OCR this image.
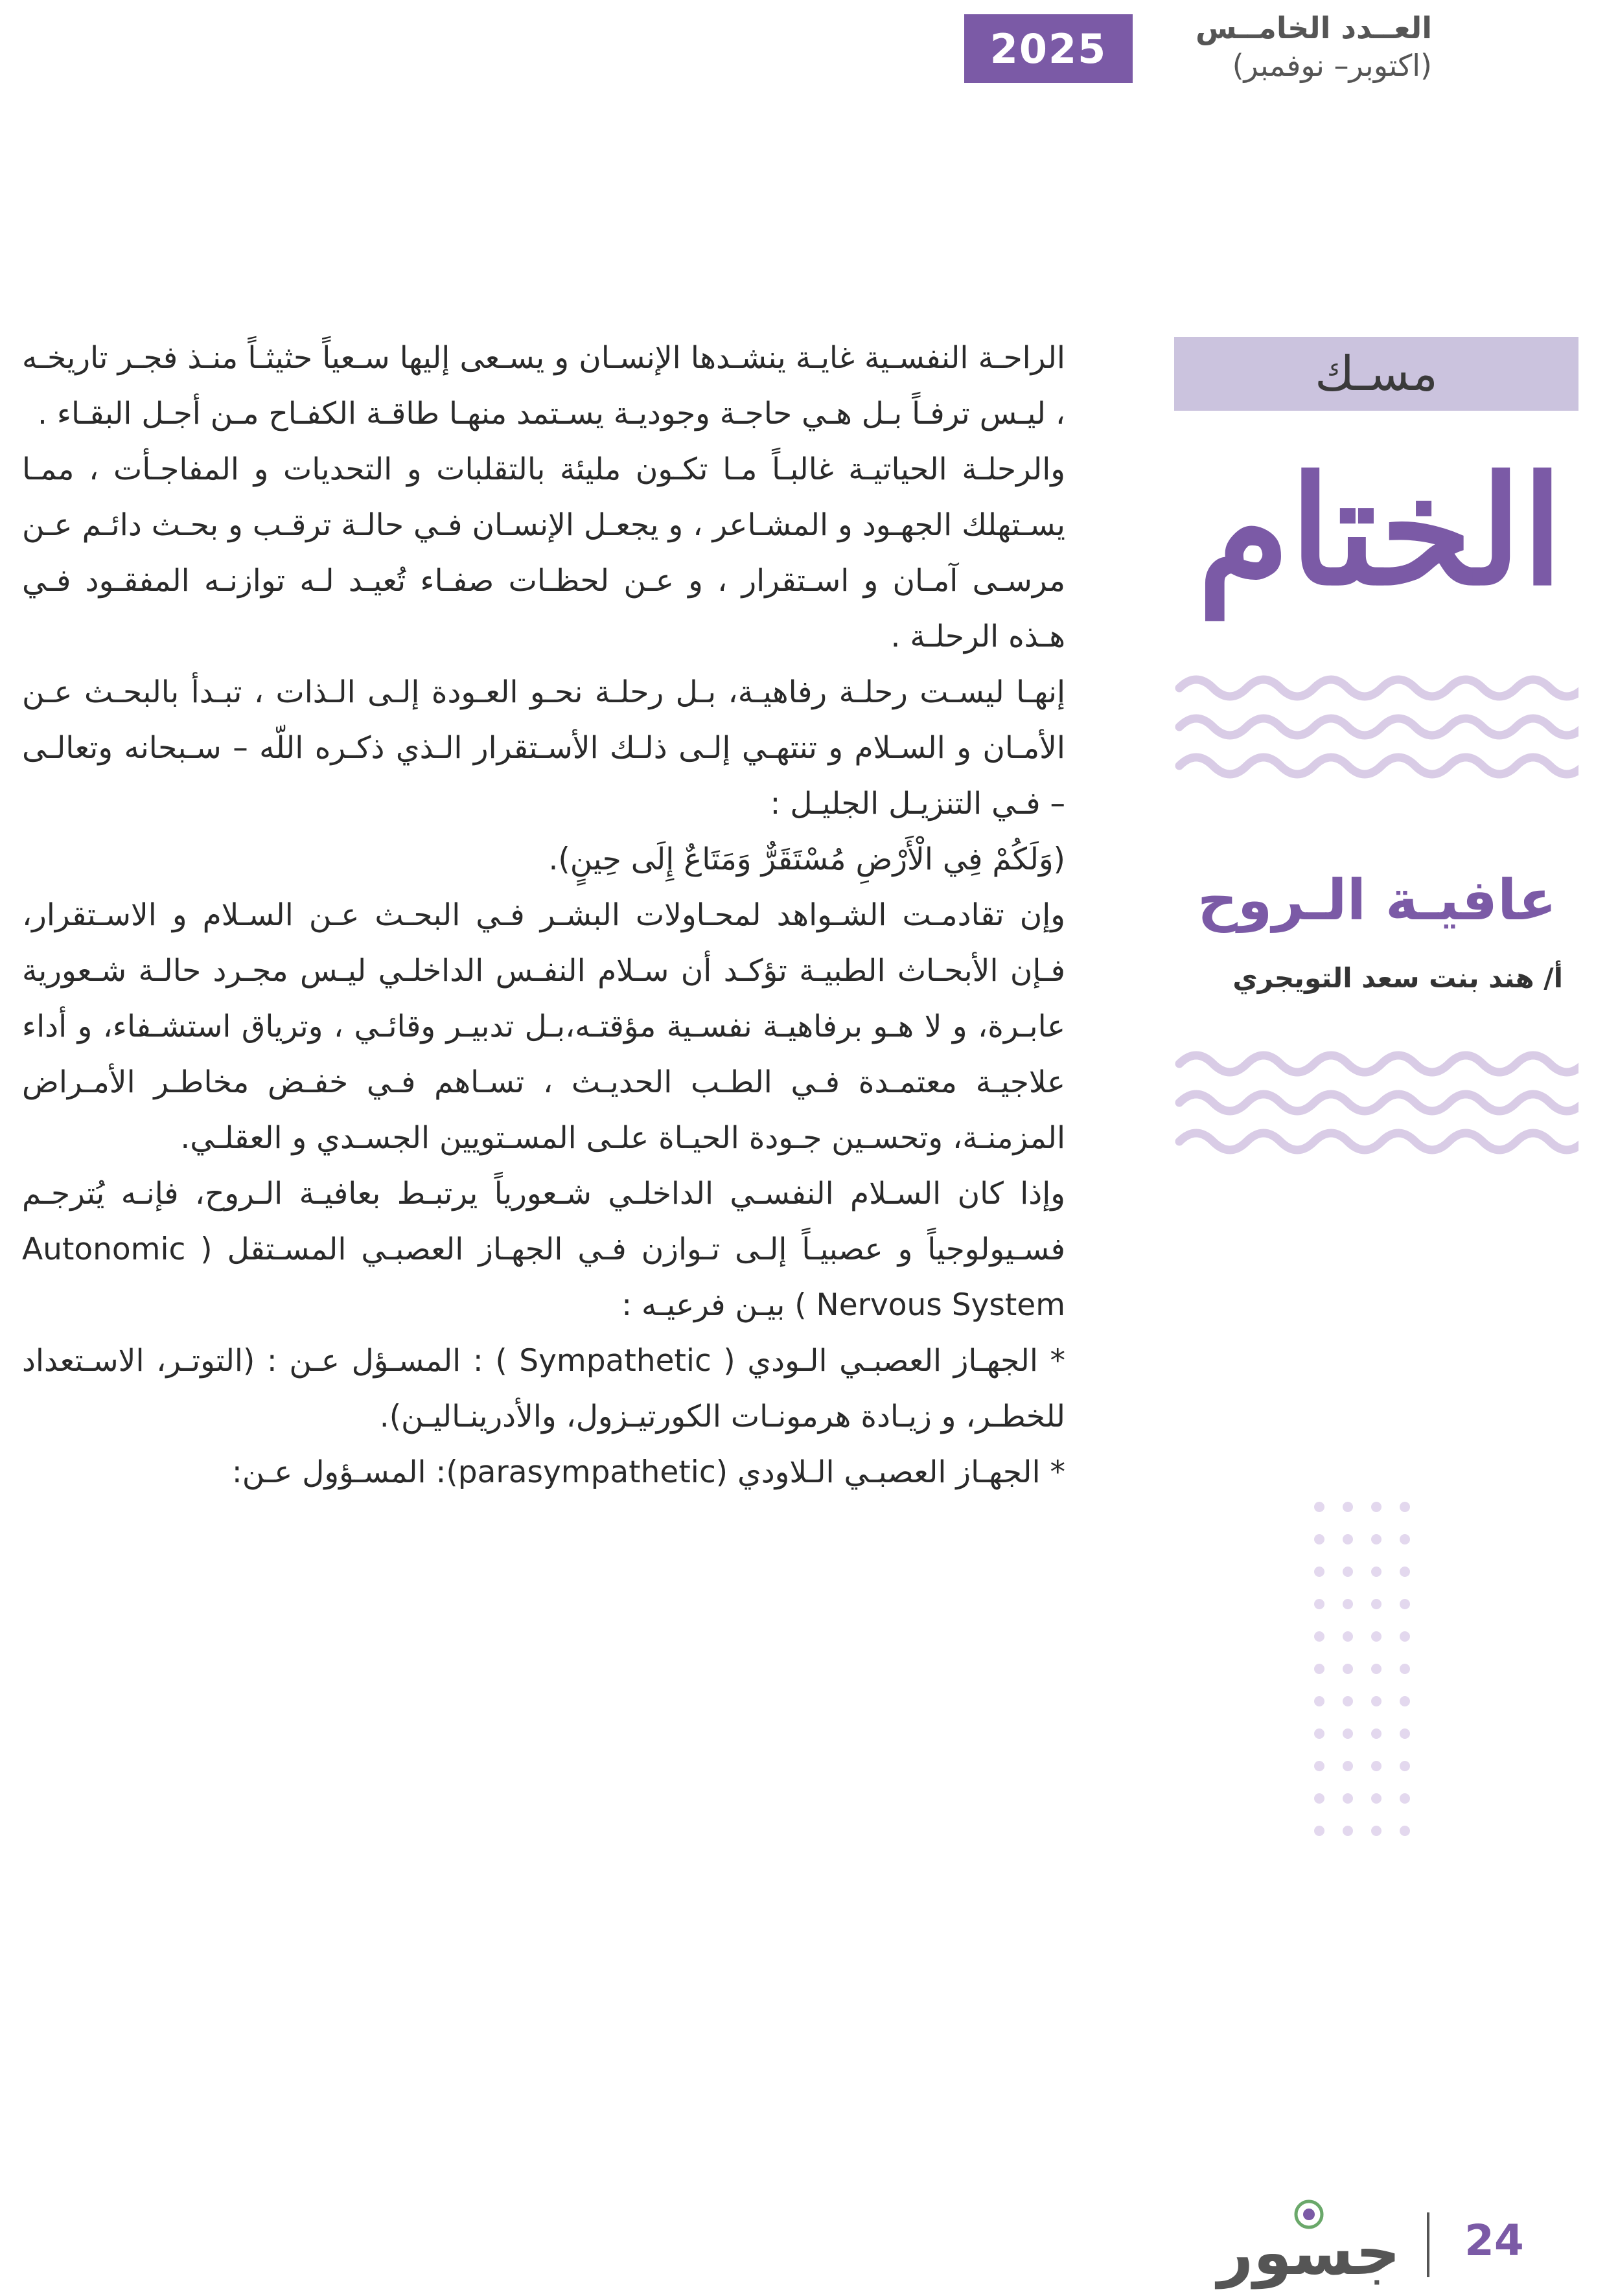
2025	العــدد الخامــس
(اكتوبر– نوفمبر)

الراحـة النفسـية غايـة ينشـدها الإنسـان و يسـعى إليها سـعياً حثيثـاً منـذ فجـر تاريخـه ، ليـس ترفـاً بـل هـي حاجـة وجوديـة يسـتمد منهـا طاقـة الكفـاح مـن أجـل البقـاء .

والرحلـة الحياتيـة غالبـاً مـا تكـون مليئة بالتقلبات و التحديات و المفاجـأت ، ممـا يسـتهلك الجهـود و المشـاعر ، و يجعـل الإنسـان فـي حالـة ترقـب و بحـث دائـم عـن مرسـى آمـان و اسـتقرار ، و عـن لحظـات صفـاء تُعيـد لـه توازنـه المفقـود فـي هـذه الرحلـة .

إنهـا ليسـت رحلـة رفاهيـة، بـل رحلـة نحـو العـودة إلـى الـذات ، تبـدأ بالبحـث عـن الأمـان و السـلام و تنتهـي إلـى ذلـك الأسـتقرار الـذي ذكـره اللّه – سـبحانه وتعالـى – فـي التنزيـل الجليـل :

(وَلَكُمْ فِي الْأَرْضِ مُسْتَقَرٌّ وَمَتَاعٌ إِلَى حِينٍ).

وإن تقادمـت الشـواهد لمحـاولات البشـر فـي البحـث عـن السـلام و الاسـتقرار، فـإن الأبحـاث الطبيـة تؤكـد أن سـلام النفـس الداخلـي ليـس مجـرد حالـة شـعورية عابـرة، و لا هـو برفاهيـة نفسـية مؤقتـه،بـل تدبيـر وقائـي ، وترياق استشـفاء، و أداء علاجيـة معتمـدة فـي الطـب الحديـث ، تسـاهم فـي خفـض مخاطـر الأمـراض المزمنـة، وتحسـين جـودة الحيـاة علـى المسـتويين الجسـدي و العقلـي.

وإذا كان السـلام النفسـي الداخلـي شـعورياً يرتبـط بعافيـة الـروح، فإنـه يُترجـم فسـيولوجياً و عصبيـاً إلـى تـوازن فـي الجهـاز العصبـي المسـتقل ( Autonomic Nervous System ) بيـن فرعيـه :

* الجهـاز العصبـي الـودي ( Sympathetic ) : المسـؤل عـن : (التوتـر، الاسـتعداد للخطـر، و زيـادة هرمونـات الكورتيـزول، والأدرينـاليـن).

* الجهـاز العصبـي الـلاودي (parasympathetic): المسـؤول عـن:

مسـك
الختام
عافيـة الـروح
أ/ هند بنت سعد التويجري
جسور 24
